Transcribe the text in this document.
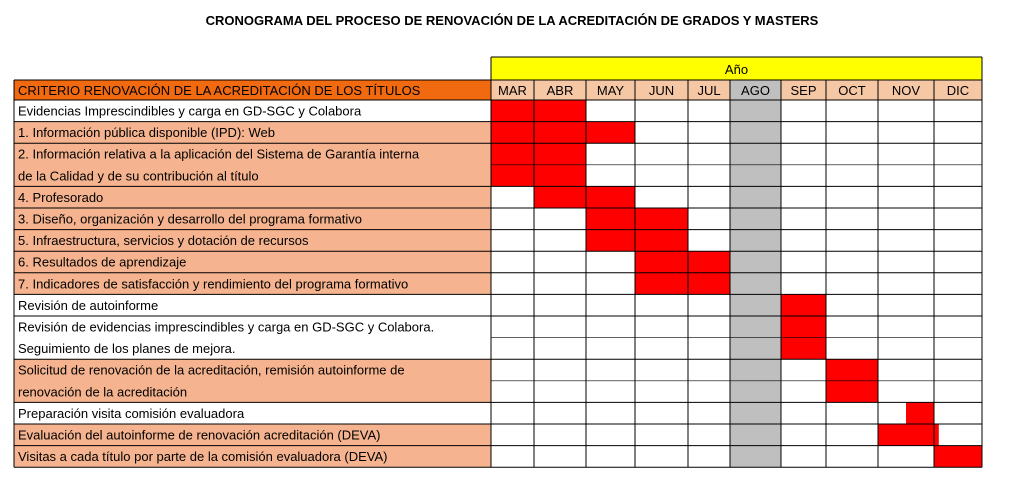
CRONOGRAMA DEL PROCESO DE RENOVACIÓN DE LA ACREDITACIÓN DE GRADOS Y MASTERS
Año
CRITERIO RENOVACIÓN DE LA ACREDITACIÓN DE LOS TÍTULOS	MAR ABR MAY JUN JUL AGO SEP OCT NOV DIC
Evidencias Imprescindibles y carga en GD-SGC y Colabora
1. Información pública disponible (IPD): Web
2. Información relativa a la aplicación del Sistema de Garantía interna
de la Calidad y de su contribución al título
4. Profesorado
3. Diseño, organización y desarrollo del programa formativo
5. Infraestructura, servicios y dotación de recursos
6. Resultados de aprendizaje
7. Indicadores de satisfacción y rendimiento del programa formativo
Revisión de autoinforme
Revisión de evidencias imprescindibles y carga en GD-SGC y Colabora.
Seguimiento de los planes de mejora.
Solicitud de renovación de la acreditación, remisión autoinforme de
renovación de la acreditación
Preparación visita comisión evaluadora
Evaluación del autoinforme de renovación acreditación (DEVA)
Visitas a cada título por parte de la comisión evaluadora (DEVA)
